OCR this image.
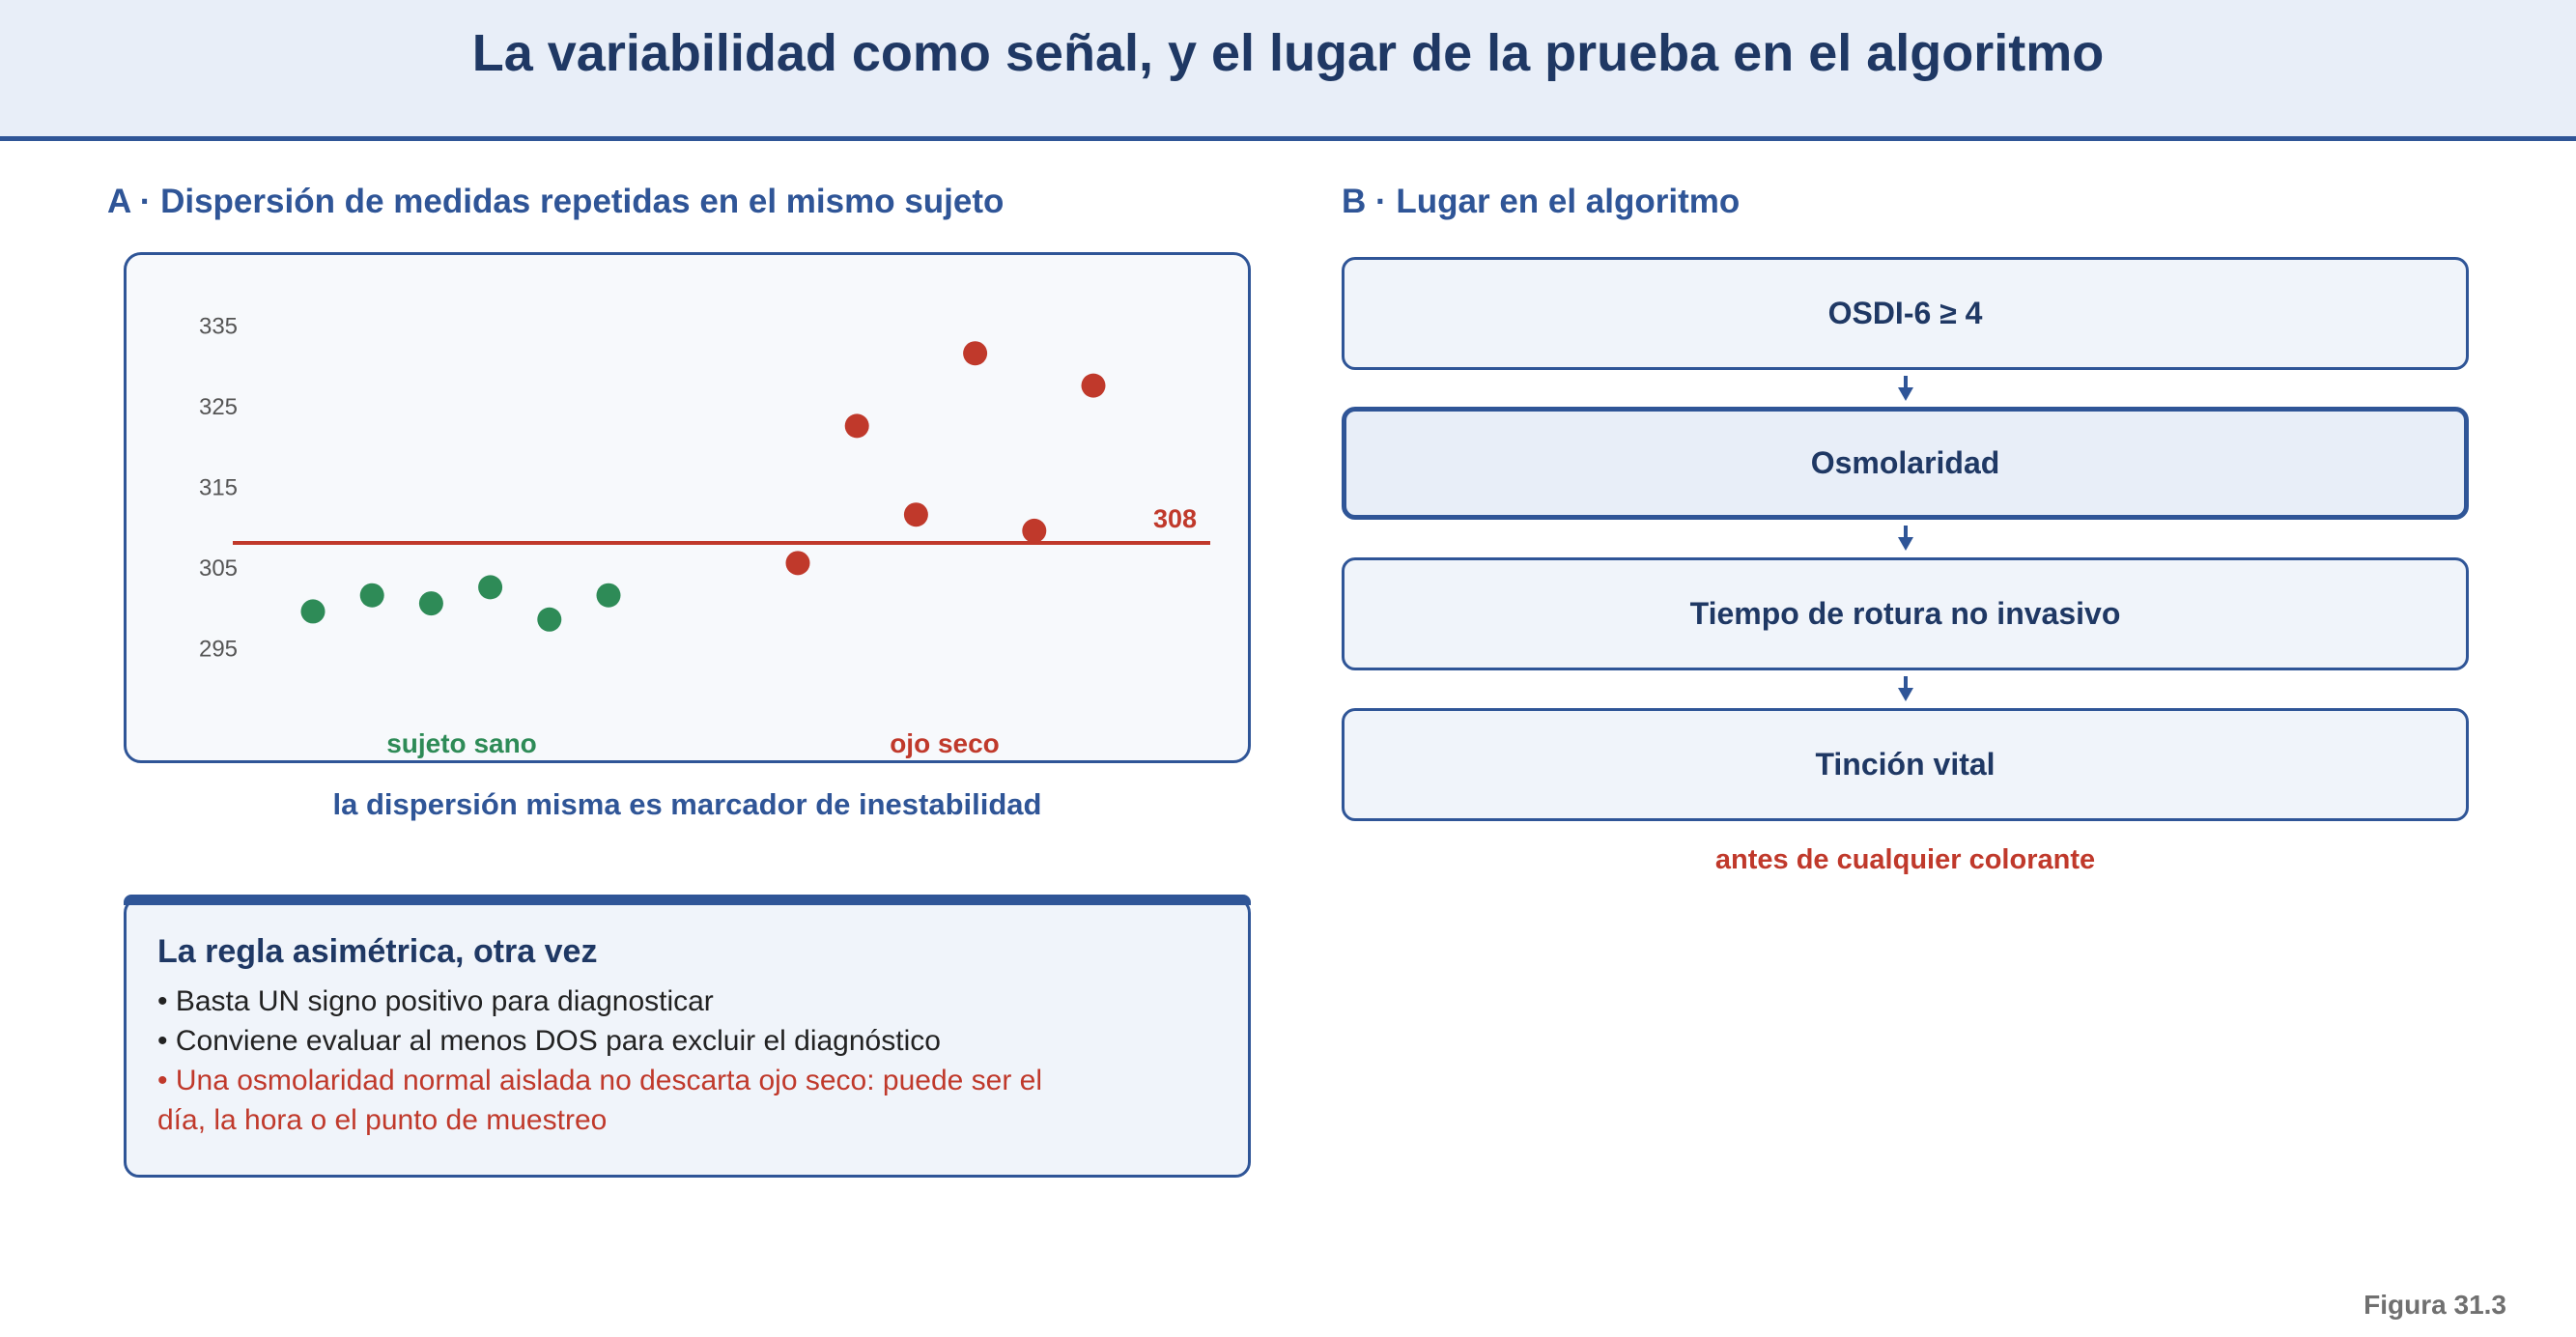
La variabilidad como señal, y el lugar de la prueba en el algoritmo
A · Dispersión de medidas repetidas en el mismo sujeto
295
305
315
325
335
308
sujeto sano	ojo seco
la dispersión misma es marcador de inestabilidad
La regla asimétrica, otra vez
• Basta UN signo positivo para diagnosticar
• Conviene evaluar al menos DOS para excluir el diagnóstico
• Una osmolaridad normal aislada no descarta ojo seco: puede ser el día, la hora o el punto de muestreo
B · Lugar en el algoritmo
OSDI-6 ≥ 4
Osmolaridad
Tiempo de rotura no invasivo
Tinción vital
antes de cualquier colorante
Figura 31.3
